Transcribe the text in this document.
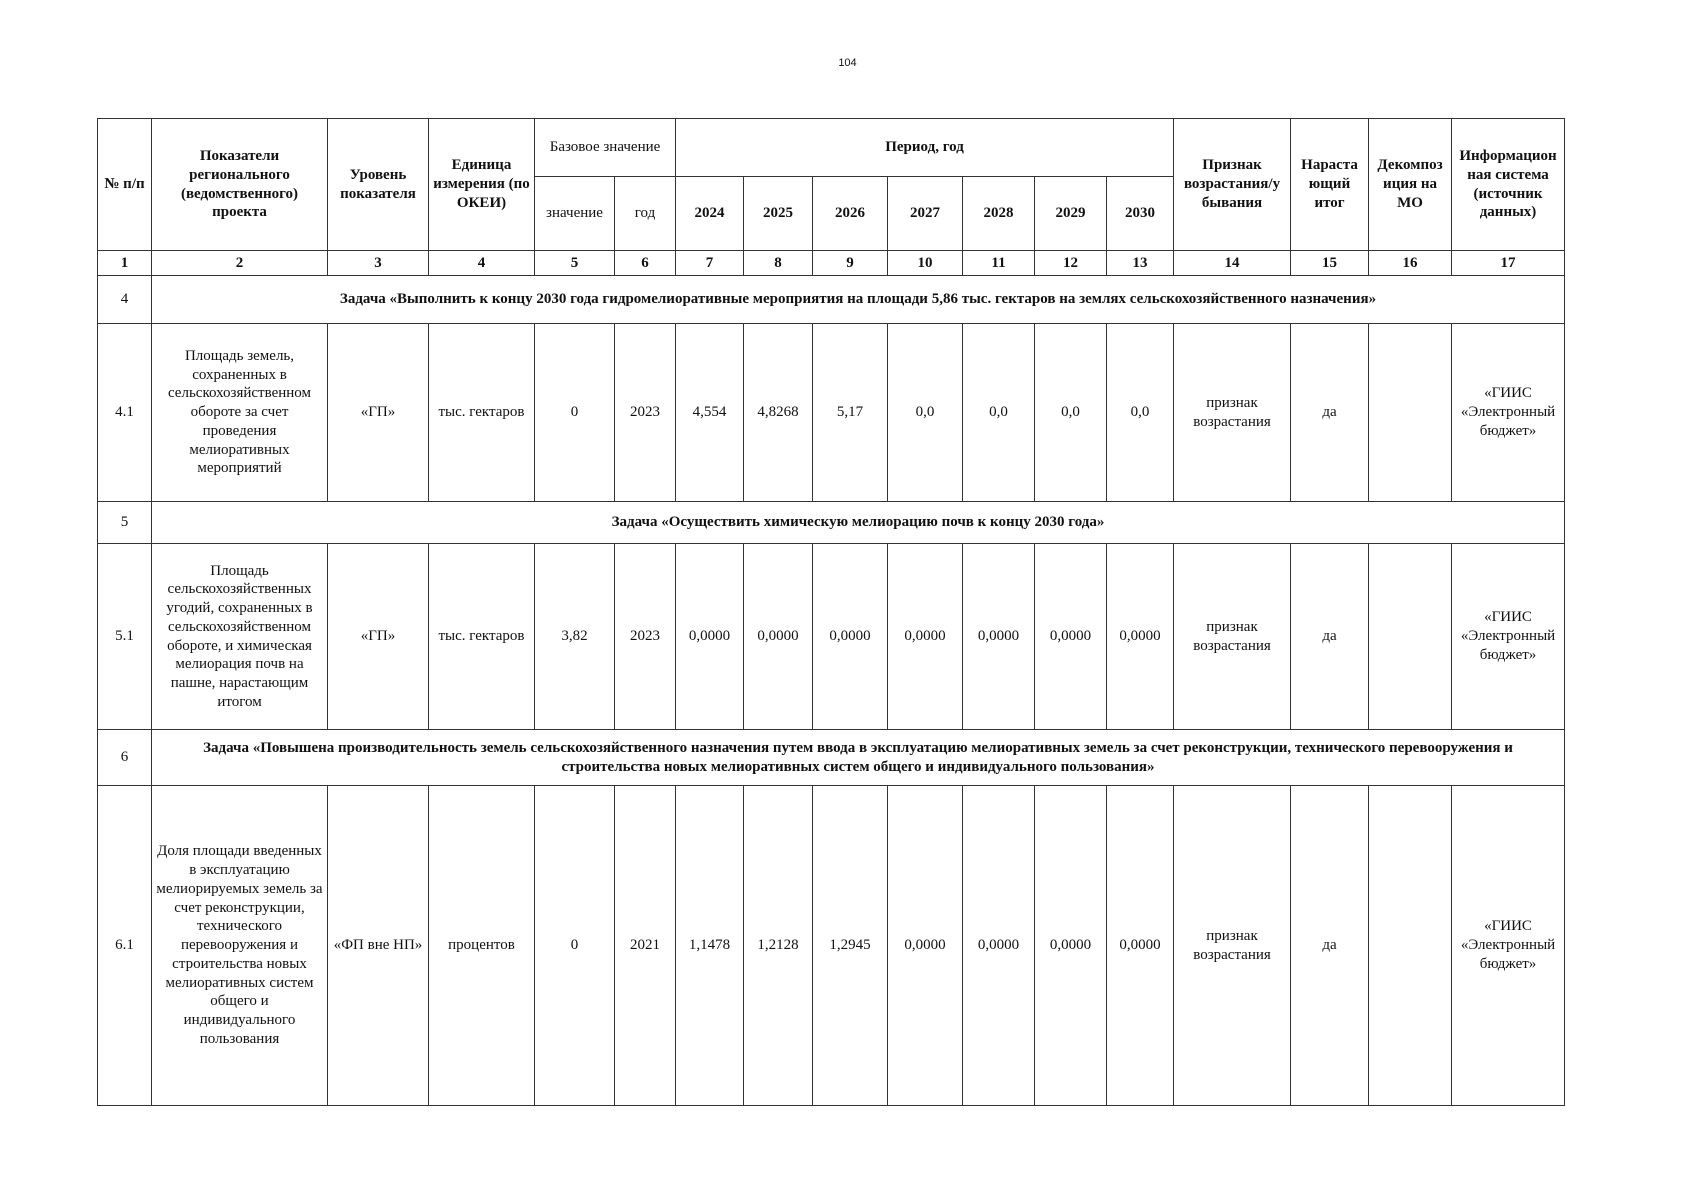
104
№ п/п	Показатели регионального (ведомственного) проекта	Уровень показателя	Единица измерения (по ОКЕИ)	Базовое значение		Период, год							Признак возрастания/у бывания	Нараста ющий итог	Декомпоз иция на МО	Информацион ная система (источник данных)
				значение	год	2024	2025	2026	2027	2028	2029	2030				
1	2	3	4	5	6	7	8	9	10	11	12	13	14	15	16	17
4	Задача «Выполнить к концу 2030 года гидромелиоративные мероприятия на площади 5,86 тыс. гектаров на землях сельскохозяйственного назначения»															
4.1	Площадь земель, сохраненных в сельскохозяйственном обороте за счет проведения мелиоративных мероприятий	«ГП»	тыс. гектаров	0	2023	4,554	4,8268	5,17	0,0	0,0	0,0	0,0	признак возрастания	да		«ГИИС «Электронный бюджет»
5	Задача «Осуществить химическую мелиорацию почв к концу 2030 года»															
5.1	Площадь сельскохозяйственных угодий, сохраненных в сельскохозяйственном обороте, и химическая мелиорация почв на пашне, нарастающим итогом	«ГП»	тыс. гектаров	3,82	2023	0,0000	0,0000	0,0000	0,0000	0,0000	0,0000	0,0000	признак возрастания	да		«ГИИС «Электронный бюджет»
6	Задача «Повышена производительность земель сельскохозяйственного назначения путем ввода в эксплуатацию мелиоративных земель за счет реконструкции, технического перевооружения и строительства новых мелиоративных систем общего и индивидуального пользования»															
6.1	Доля площади введенных в эксплуатацию мелиорируемых земель за счет реконструкции, технического перевооружения и строительства новых мелиоративных систем общего и индивидуального пользования	«ФП вне НП»	процентов	0	2021	1,1478	1,2128	1,2945	0,0000	0,0000	0,0000	0,0000	признак возрастания	да		«ГИИС «Электронный бюджет»
